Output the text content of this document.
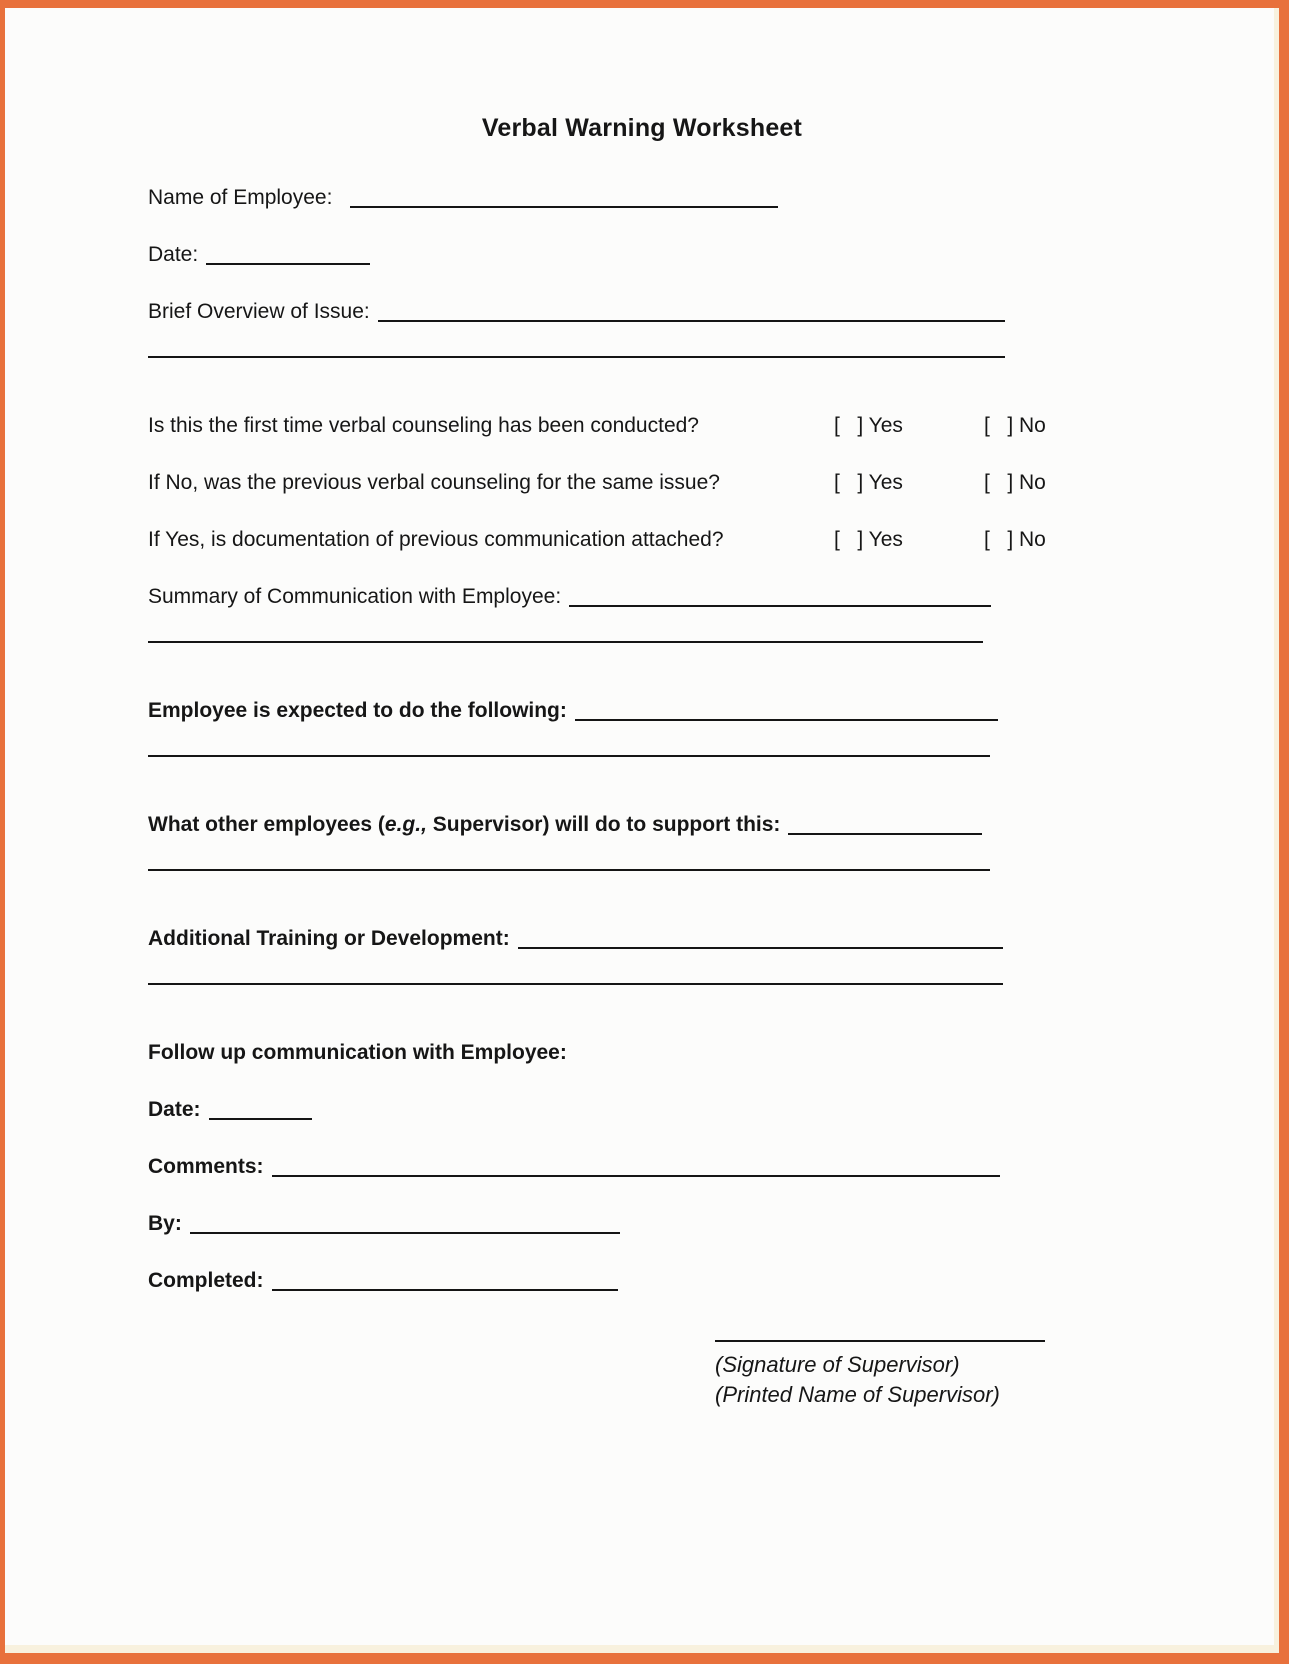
Verbal Warning Worksheet
Name of Employee:
Date:
Brief Overview of Issue:
Is this the first time verbal counseling has been conducted?	[   ] Yes	[   ] No
If No, was the previous verbal counseling for the same issue?	[   ] Yes	[   ] No
If Yes, is documentation of previous communication attached?	[   ] Yes	[   ] No
Summary of Communication with Employee:
Employee is expected to do the following:
What other employees (e.g., Supervisor) will do to support this:
Additional Training or Development:
Follow up communication with Employee:
Date:
Comments:
By:
Completed:
(Signature of Supervisor)
(Printed Name of Supervisor)
